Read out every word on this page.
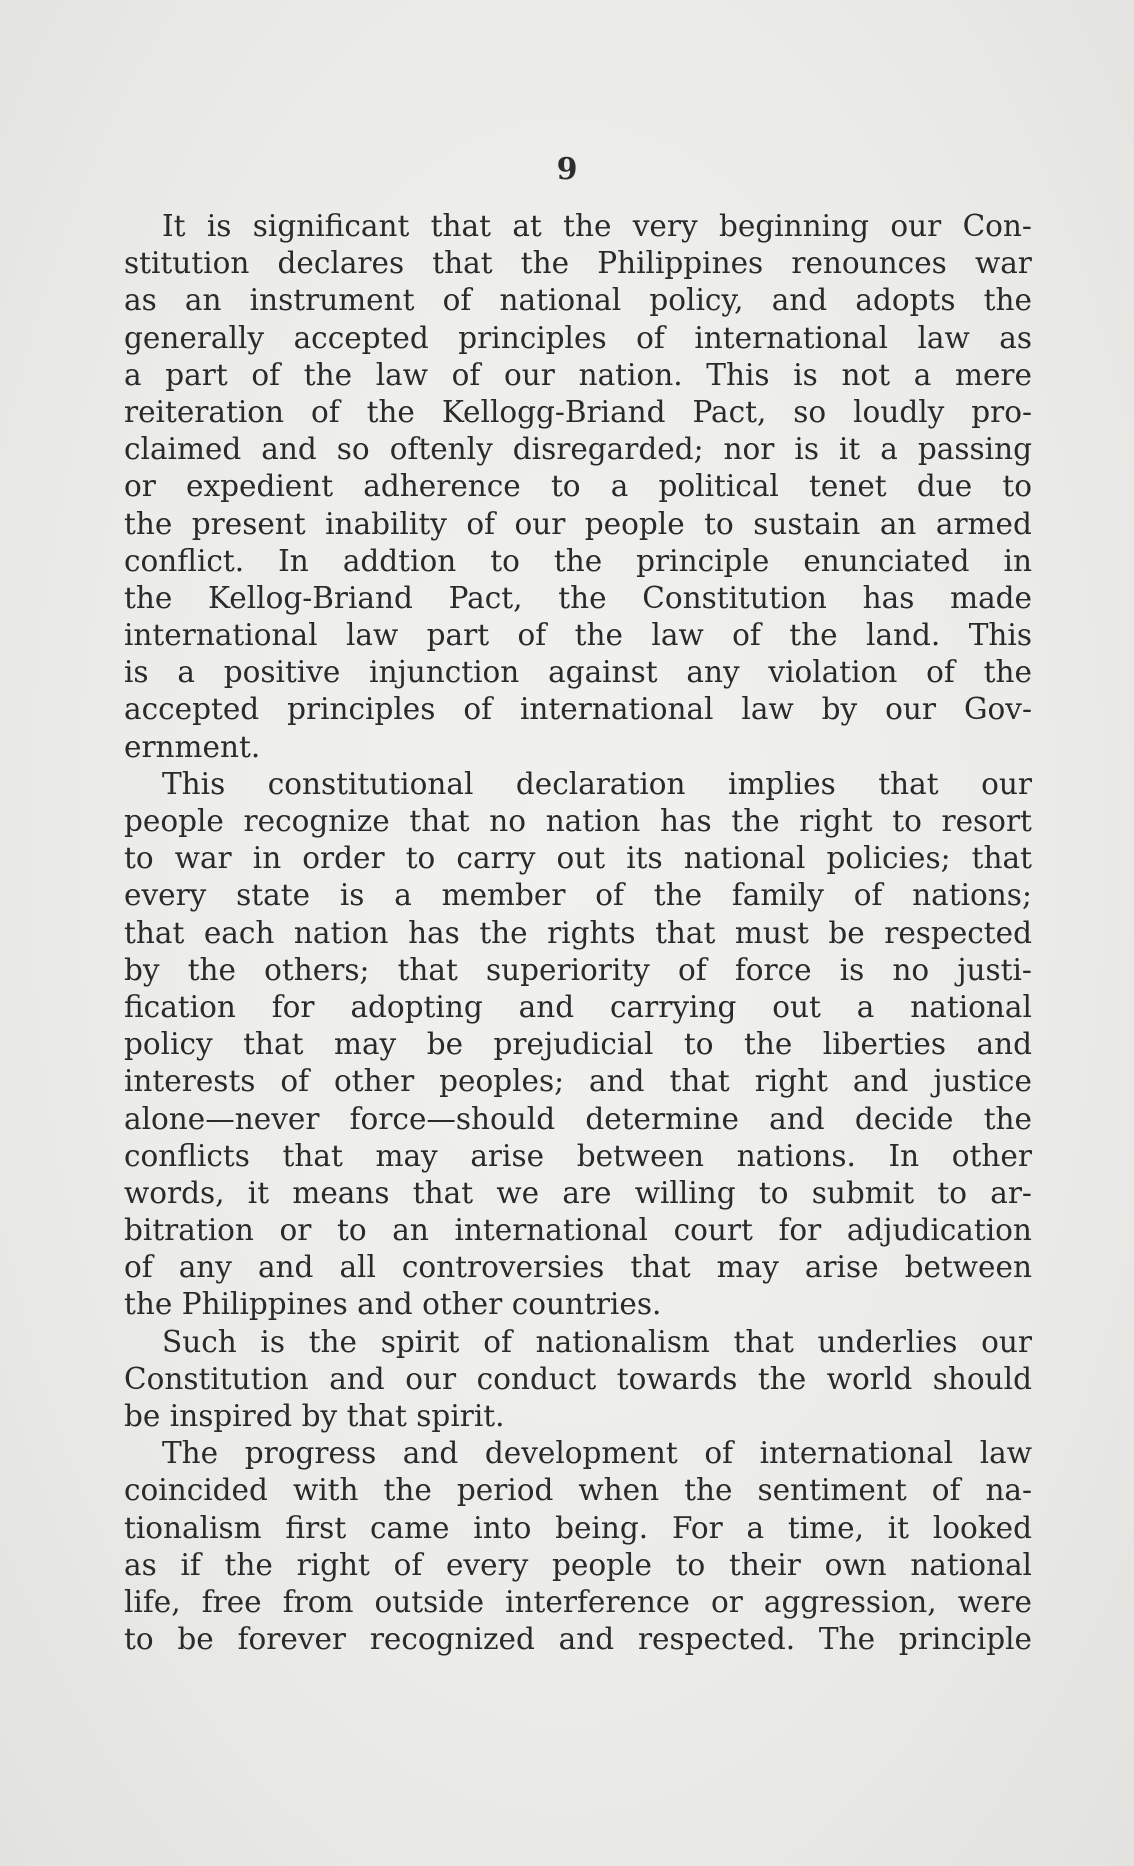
9
It is significant that at the very beginning our Con-
stitution declares that the Philippines renounces war
as an instrument of national policy, and adopts the
generally accepted principles of international law as
a part of the law of our nation. This is not a mere
reiteration of the Kellogg-Briand Pact, so loudly pro-
claimed and so oftenly disregarded; nor is it a passing
or expedient adherence to a political tenet due to
the present inability of our people to sustain an armed
conflict. In addtion to the principle enunciated in
the Kellog-Briand Pact, the Constitution has made
international law part of the law of the land. This
is a positive injunction against any violation of the
accepted principles of international law by our Gov-
ernment.
This constitutional declaration implies that our
people recognize that no nation has the right to resort
to war in order to carry out its national policies; that
every state is a member of the family of nations;
that each nation has the rights that must be respected
by the others; that superiority of force is no justi-
fication for adopting and carrying out a national
policy that may be prejudicial to the liberties and
interests of other peoples; and that right and justice
alone—never force—should determine and decide the
conflicts that may arise between nations. In other
words, it means that we are willing to submit to ar-
bitration or to an international court for adjudication
of any and all controversies that may arise between
the Philippines and other countries.
Such is the spirit of nationalism that underlies our
Constitution and our conduct towards the world should
be inspired by that spirit.
The progress and development of international law
coincided with the period when the sentiment of na-
tionalism first came into being. For a time, it looked
as if the right of every people to their own national
life, free from outside interference or aggression, were
to be forever recognized and respected. The principle
